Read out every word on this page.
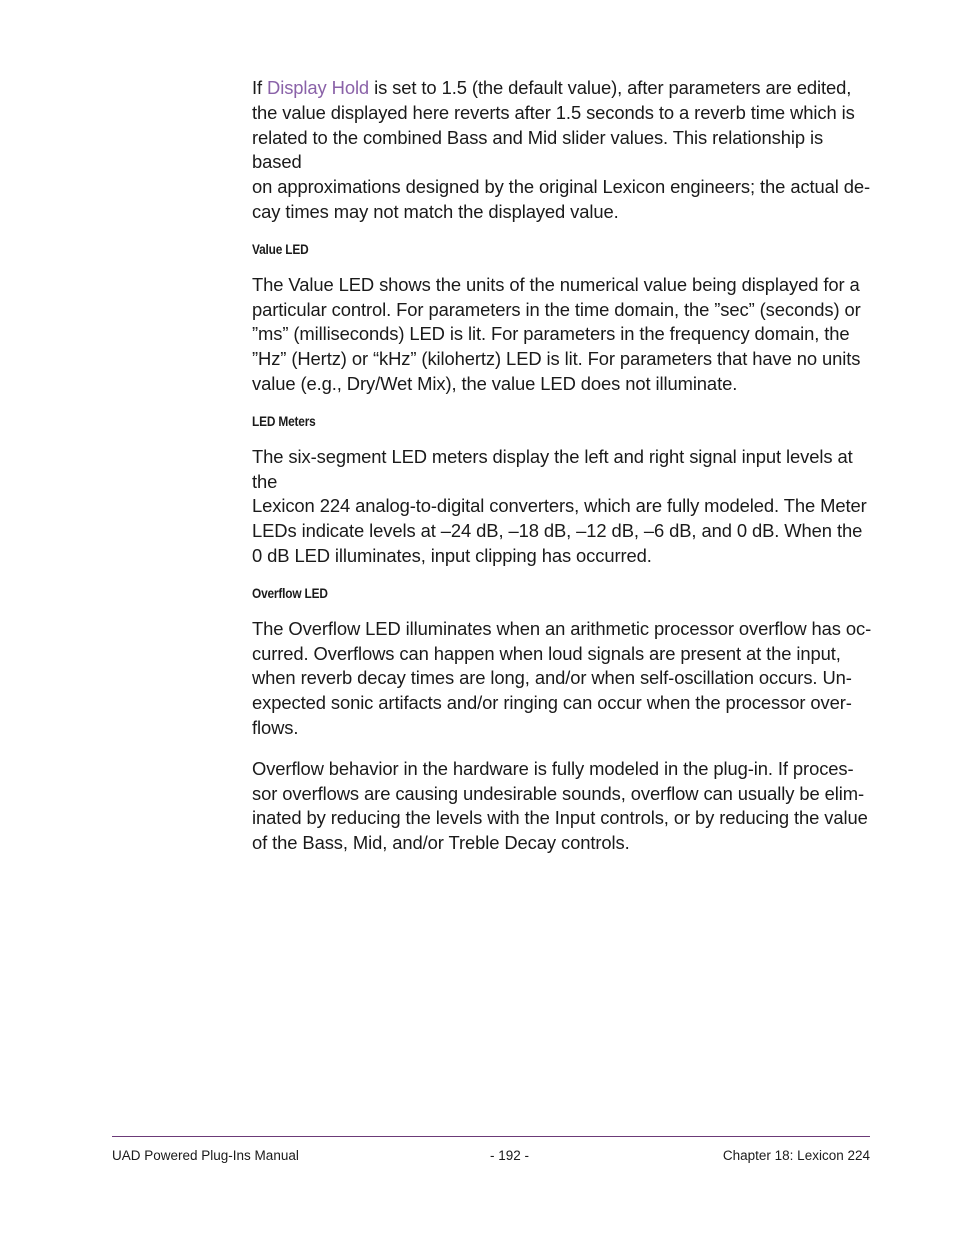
If Display Hold is set to 1.5 (the default value), after parameters are edited,
the value displayed here reverts after 1.5 seconds to a reverb time which is
related to the combined Bass and Mid slider values. This relationship is based
on approximations designed by the original Lexicon engineers; the actual de-
cay times may not match the displayed value.

Value LED

The Value LED shows the units of the numerical value being displayed for a
particular control. For parameters in the time domain, the ”sec” (seconds) or
”ms” (milliseconds) LED is lit. For parameters in the frequency domain, the
”Hz” (Hertz) or “kHz” (kilohertz) LED is lit. For parameters that have no units
value (e.g., Dry/Wet Mix), the value LED does not illuminate.

LED Meters

The six-segment LED meters display the left and right signal input levels at the
Lexicon 224 analog-to-digital converters, which are fully modeled. The Meter
LEDs indicate levels at –24 dB, –18 dB, –12 dB, –6 dB, and 0 dB. When the
0 dB LED illuminates, input clipping has occurred.

Overflow LED

The Overflow LED illuminates when an arithmetic processor overflow has oc-
curred. Overflows can happen when loud signals are present at the input,
when reverb decay times are long, and/or when self-oscillation occurs. Un-
expected sonic artifacts and/or ringing can occur when the processor over-
flows.

Overflow behavior in the hardware is fully modeled in the plug-in. If proces-
sor overflows are causing undesirable sounds, overflow can usually be elim-
inated by reducing the levels with the Input controls, or by reducing the value
of the Bass, Mid, and/or Treble Decay controls.

UAD Powered Plug-Ins Manual	- 192 -	Chapter 18: Lexicon 224
